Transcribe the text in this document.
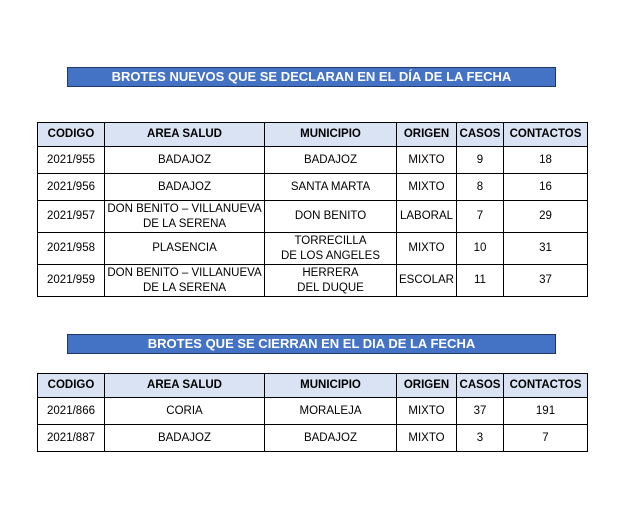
BROTES NUEVOS QUE SE DECLARAN EN EL DÍA DE LA FECHA
CODIGO	AREA SALUD	MUNICIPIO	ORIGEN	CASOS	CONTACTOS
2021/955	BADAJOZ	BADAJOZ	MIXTO	9	18
2021/956	BADAJOZ	SANTA MARTA	MIXTO	8	16
2021/957	DON BENITO – VILLANUEVA
DE LA SERENA	DON BENITO	LABORAL	7	29
2021/958	PLASENCIA	TORRECILLA
DE LOS ANGELES	MIXTO	10	31
2021/959	DON BENITO – VILLANUEVA
DE LA SERENA	HERRERA
DEL DUQUE	ESCOLAR	11	37
BROTES QUE SE CIERRAN EN EL DIA DE LA FECHA
CODIGO	AREA SALUD	MUNICIPIO	ORIGEN	CASOS	CONTACTOS
2021/866	CORIA	MORALEJA	MIXTO	37	191
2021/887	BADAJOZ	BADAJOZ	MIXTO	3	7
